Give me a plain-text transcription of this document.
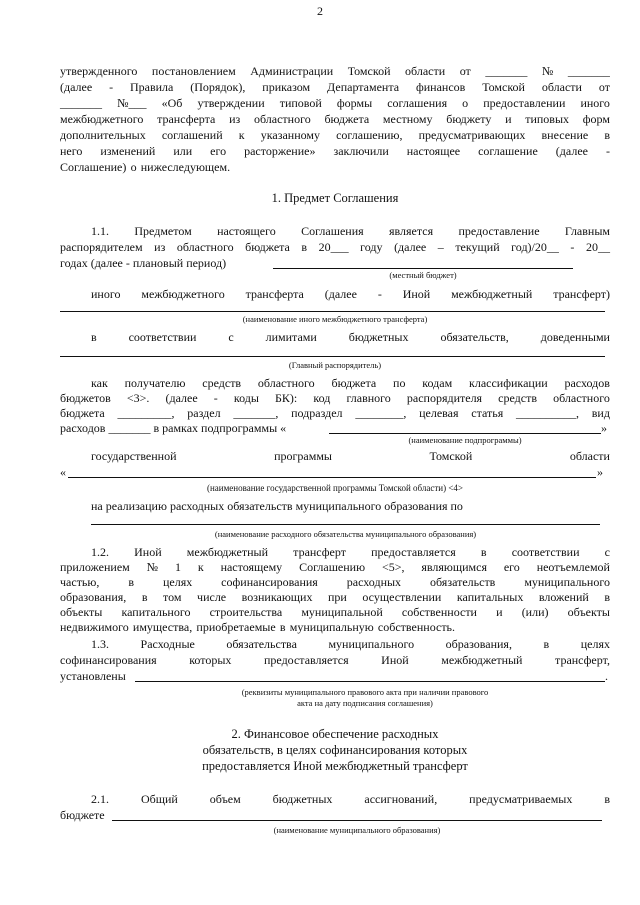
2
утвержденного постановлением Администрации Томской области от _______ № _______
(далее - Правила (Порядок), приказом Департамента финансов Томской области от
_______ №___ «Об утверждении типовой формы соглашения о предоставлении иного
межбюджетного трансферта из областного бюджета местному бюджету и типовых форм
дополнительных соглашений к указанному соглашению, предусматривающих внесение в
него изменений или его расторжение» заключили настоящее соглашение (далее -
Соглашение) о нижеследующем.
1. Предмет Соглашения
1.1. Предметом настоящего Соглашения является предоставление Главным
распорядителем из областного бюджета в 20___ году (далее – текущий год)/20__ - 20__
годах (далее - плановый период)
(местный бюджет)
иного межбюджетного трансферта (далее - Иной межбюджетный трансферт)
(наименование иного межбюджетного трансферта)
в	соответствии	с	лимитами	бюджетных	обязательств,	доведенными
(Главный распорядитель)
как получателю средств областного бюджета по кодам классификации расходов
бюджетов <3>. (далее - коды БК): код главного распорядителя средств областного
бюджета _________, раздел _______, подраздел ________, целевая статья __________, вид
расходов _______ в рамках подпрограммы «	»
(наименование подпрограммы)
государственной	программы	Томской	области
«	»
(наименование государственной программы Томской области) <4>
на реализацию расходных обязательств муниципального образования по
(наименование расходного обязательства муниципального образования)
1.2. Иной межбюджетный трансферт предоставляется в соответствии с
приложением № 1 к настоящему Соглашению <5>, являющимся его неотъемлемой
частью, в целях софинансирования расходных обязательств муниципального
образования, в том числе возникающих при осуществлении капитальных вложений в
объекты капитального строительства муниципальной собственности и (или) объекты
недвижимого имущества, приобретаемые в муниципальную собственность.
1.3.	Расходные	обязательства	муниципального	образования,	в	целях
софинансирования	которых	предоставляется	Иной	межбюджетный	трансферт,
установлены	.
(реквизиты муниципального правового акта при наличии правового
акта на дату подписания соглашения)
2. Финансовое обеспечение расходных
обязательств, в целях софинансирования которых
предоставляется Иной межбюджетный трансферт
2.1.	Общий	объем	бюджетных	ассигнований,	предусматриваемых	в
бюджете
(наименование муниципального образования)
